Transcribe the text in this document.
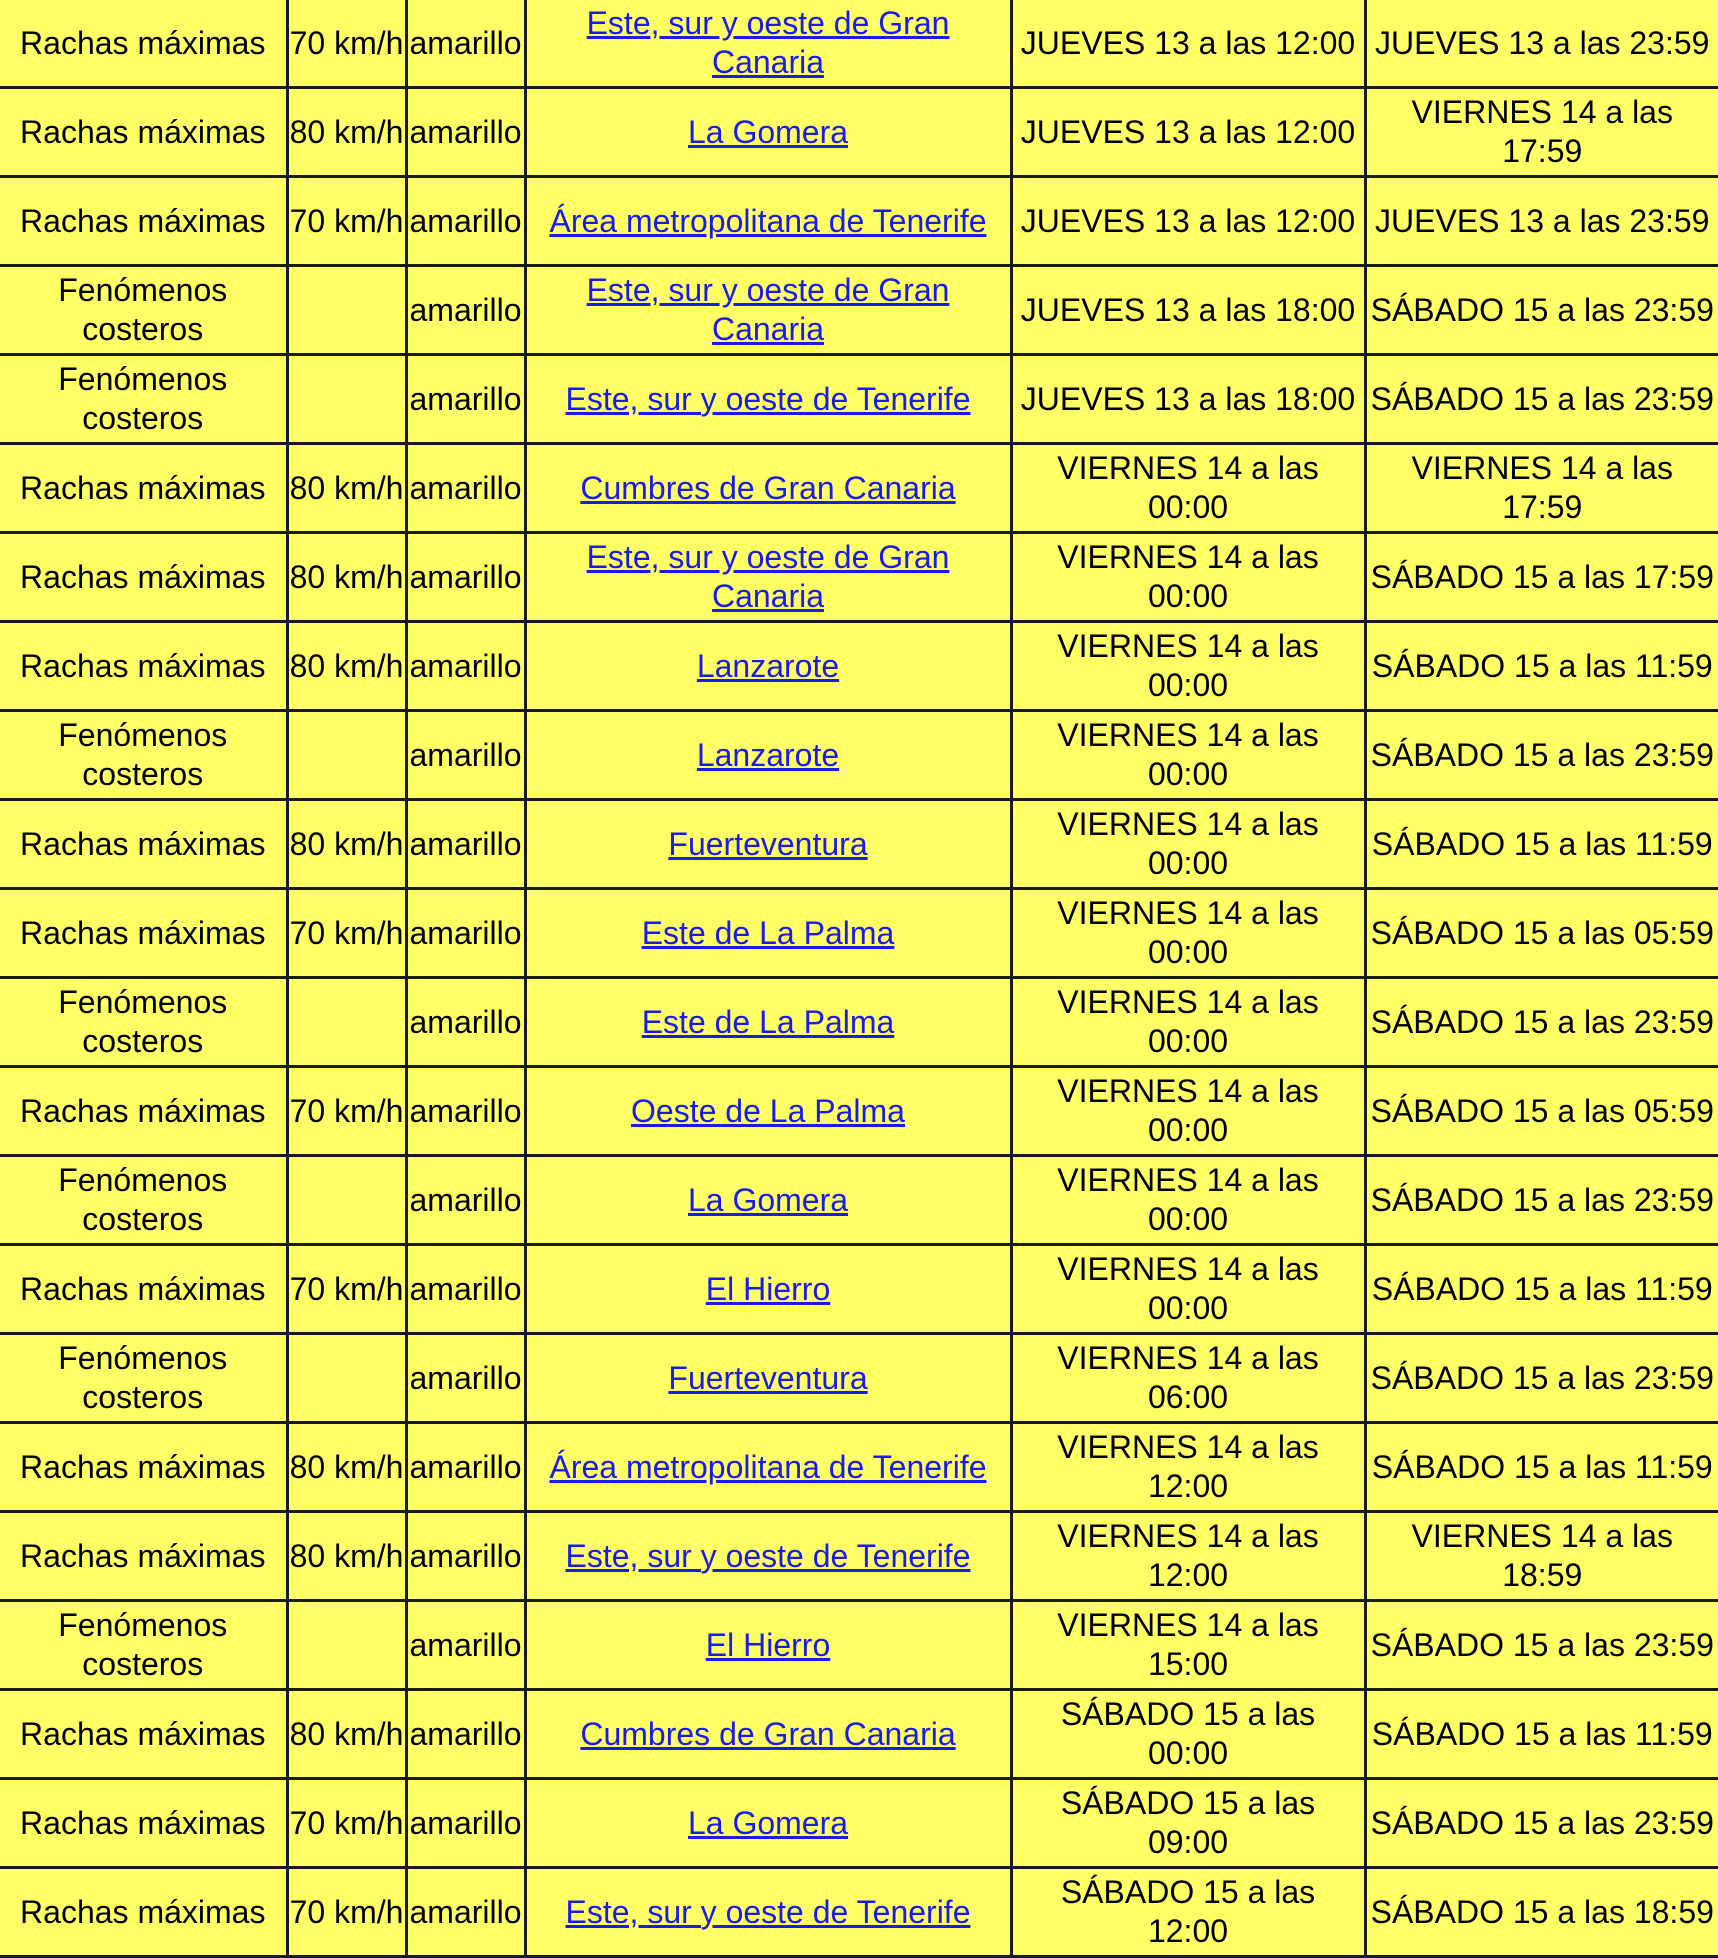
Rachas máximas	70 km/h	amarillo	Este, sur y oeste de Gran Canaria	JUEVES 13 a las 12:00	JUEVES 13 a las 23:59
Rachas máximas	80 km/h	amarillo	La Gomera	JUEVES 13 a las 12:00	VIERNES 14 a las 17:59
Rachas máximas	70 km/h	amarillo	Área metropolitana de Tenerife	JUEVES 13 a las 12:00	JUEVES 13 a las 23:59
Fenómenos costeros		amarillo	Este, sur y oeste de Gran Canaria	JUEVES 13 a las 18:00	SÁBADO 15 a las 23:59
Fenómenos costeros		amarillo	Este, sur y oeste de Tenerife	JUEVES 13 a las 18:00	SÁBADO 15 a las 23:59
Rachas máximas	80 km/h	amarillo	Cumbres de Gran Canaria	VIERNES 14 a las 00:00	VIERNES 14 a las 17:59
Rachas máximas	80 km/h	amarillo	Este, sur y oeste de Gran Canaria	VIERNES 14 a las 00:00	SÁBADO 15 a las 17:59
Rachas máximas	80 km/h	amarillo	Lanzarote	VIERNES 14 a las 00:00	SÁBADO 15 a las 11:59
Fenómenos costeros		amarillo	Lanzarote	VIERNES 14 a las 00:00	SÁBADO 15 a las 23:59
Rachas máximas	80 km/h	amarillo	Fuerteventura	VIERNES 14 a las 00:00	SÁBADO 15 a las 11:59
Rachas máximas	70 km/h	amarillo	Este de La Palma	VIERNES 14 a las 00:00	SÁBADO 15 a las 05:59
Fenómenos costeros		amarillo	Este de La Palma	VIERNES 14 a las 00:00	SÁBADO 15 a las 23:59
Rachas máximas	70 km/h	amarillo	Oeste de La Palma	VIERNES 14 a las 00:00	SÁBADO 15 a las 05:59
Fenómenos costeros		amarillo	La Gomera	VIERNES 14 a las 00:00	SÁBADO 15 a las 23:59
Rachas máximas	70 km/h	amarillo	El Hierro	VIERNES 14 a las 00:00	SÁBADO 15 a las 11:59
Fenómenos costeros		amarillo	Fuerteventura	VIERNES 14 a las 06:00	SÁBADO 15 a las 23:59
Rachas máximas	80 km/h	amarillo	Área metropolitana de Tenerife	VIERNES 14 a las 12:00	SÁBADO 15 a las 11:59
Rachas máximas	80 km/h	amarillo	Este, sur y oeste de Tenerife	VIERNES 14 a las 12:00	VIERNES 14 a las 18:59
Fenómenos costeros		amarillo	El Hierro	VIERNES 14 a las 15:00	SÁBADO 15 a las 23:59
Rachas máximas	80 km/h	amarillo	Cumbres de Gran Canaria	SÁBADO 15 a las 00:00	SÁBADO 15 a las 11:59
Rachas máximas	70 km/h	amarillo	La Gomera	SÁBADO 15 a las 09:00	SÁBADO 15 a las 23:59
Rachas máximas	70 km/h	amarillo	Este, sur y oeste de Tenerife	SÁBADO 15 a las 12:00	SÁBADO 15 a las 18:59
